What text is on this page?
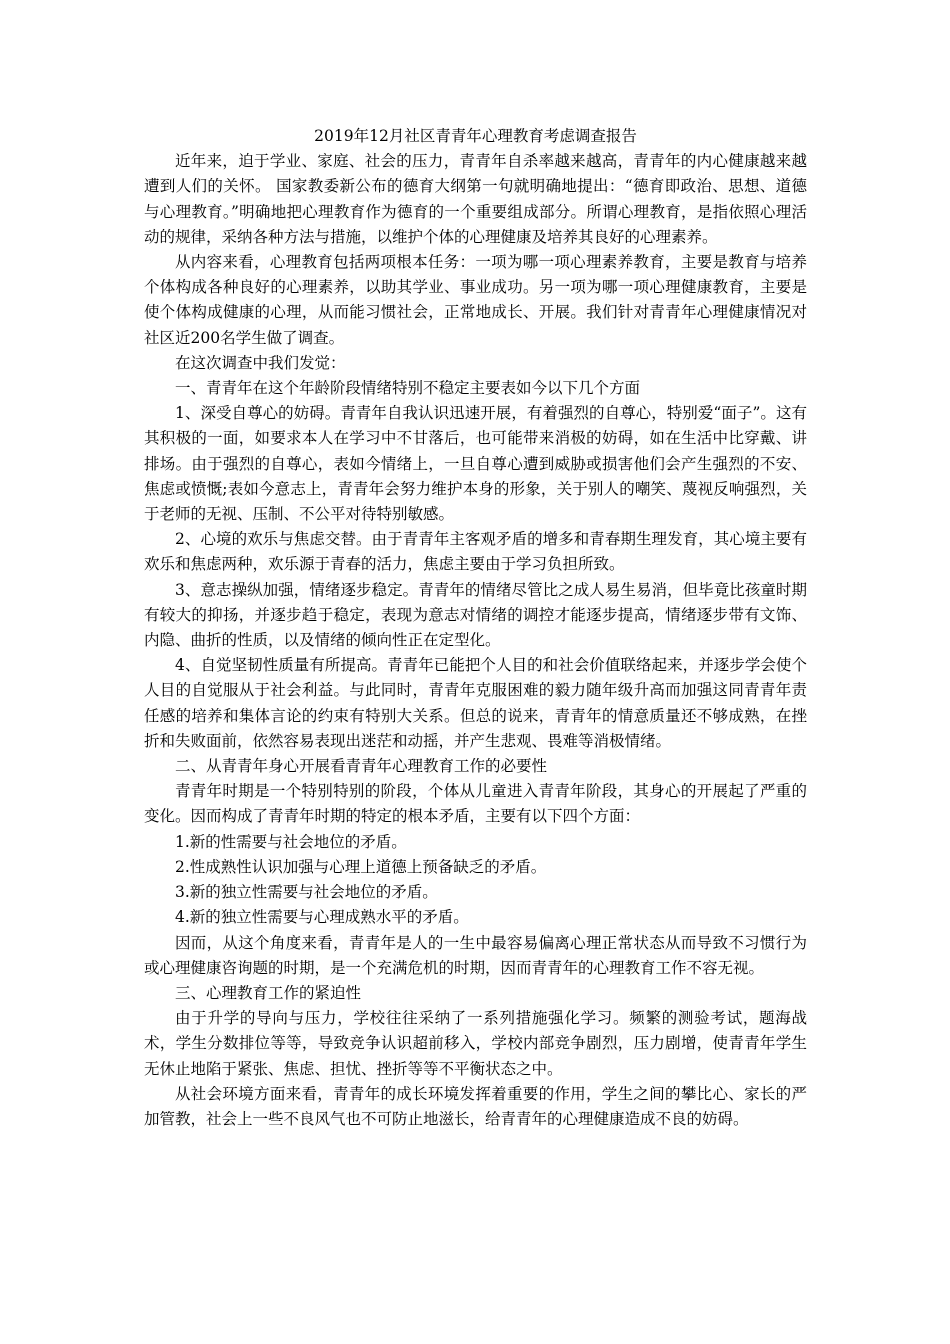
2019年12月社区青青年心理教育考虑调查报告

近年来，迫于学业、家庭、社会的压力，青青年自杀率越来越高，青青年的内心健康越来越遭到人们的关怀。 国家教委新公布的德育大纲第一句就明确地提出：“德育即政治、思想、道德与心理教育。”明确地把心理教育作为德育的一个重要组成部分。所谓心理教育，是指依照心理活动的规律，采纳各种方法与措施，以维护个体的心理健康及培养其良好的心理素养。

从内容来看，心理教育包括两项根本任务：一项为哪一项心理素养教育，主要是教育与培养个体构成各种良好的心理素养，以助其学业、事业成功。另一项为哪一项心理健康教育，主要是使个体构成健康的心理，从而能习惯社会，正常地成长、开展。我们针对青青年心理健康情况对社区近200名学生做了调查。

在这次调查中我们发觉：

一、青青年在这个年龄阶段情绪特别不稳定主要表如今以下几个方面

1、深受自尊心的妨碍。青青年自我认识迅速开展，有着强烈的自尊心，特别爱“面子”。这有其积极的一面，如要求本人在学习中不甘落后，也可能带来消极的妨碍，如在生活中比穿戴、讲排场。由于强烈的自尊心，表如今情绪上，一旦自尊心遭到威胁或损害他们会产生强烈的不安、焦虑或愤慨;表如今意志上，青青年会努力维护本身的形象，关于别人的嘲笑、蔑视反响强烈，关于老师的无视、压制、不公平对待特别敏感。

2、心境的欢乐与焦虑交替。由于青青年主客观矛盾的增多和青春期生理发育，其心境主要有欢乐和焦虑两种，欢乐源于青春的活力，焦虑主要由于学习负担所致。

3、意志操纵加强，情绪逐步稳定。青青年的情绪尽管比之成人易生易消，但毕竟比孩童时期有较大的抑扬，并逐步趋于稳定，表现为意志对情绪的调控才能逐步提高，情绪逐步带有文饰、内隐、曲折的性质，以及情绪的倾向性正在定型化。

4、自觉坚韧性质量有所提高。青青年已能把个人目的和社会价值联络起来，并逐步学会使个人目的自觉服从于社会利益。与此同时，青青年克服困难的毅力随年级升高而加强这同青青年责任感的培养和集体言论的约束有特别大关系。但总的说来，青青年的情意质量还不够成熟，在挫折和失败面前，依然容易表现出迷茫和动摇，并产生悲观、畏难等消极情绪。

二、从青青年身心开展看青青年心理教育工作的必要性

青青年时期是一个特别特别的阶段，个体从儿童进入青青年阶段，其身心的开展起了严重的变化。因而构成了青青年时期的特定的根本矛盾，主要有以下四个方面：

1.新的性需要与社会地位的矛盾。

2.性成熟性认识加强与心理上道德上预备缺乏的矛盾。

3.新的独立性需要与社会地位的矛盾。

4.新的独立性需要与心理成熟水平的矛盾。

因而，从这个角度来看，青青年是人的一生中最容易偏离心理正常状态从而导致不习惯行为或心理健康咨询题的时期，是一个充满危机的时期，因而青青年的心理教育工作不容无视。

三、心理教育工作的紧迫性

由于升学的导向与压力，学校往往采纳了一系列措施强化学习。频繁的测验考试，题海战术，学生分数排位等等，导致竞争认识超前移入，学校内部竞争剧烈，压力剧增，使青青年学生无休止地陷于紧张、焦虑、担忧、挫折等等不平衡状态之中。

从社会环境方面来看，青青年的成长环境发挥着重要的作用，学生之间的攀比心、家长的严加管教，社会上一些不良风气也不可防止地滋长，给青青年的心理健康造成不良的妨碍。
